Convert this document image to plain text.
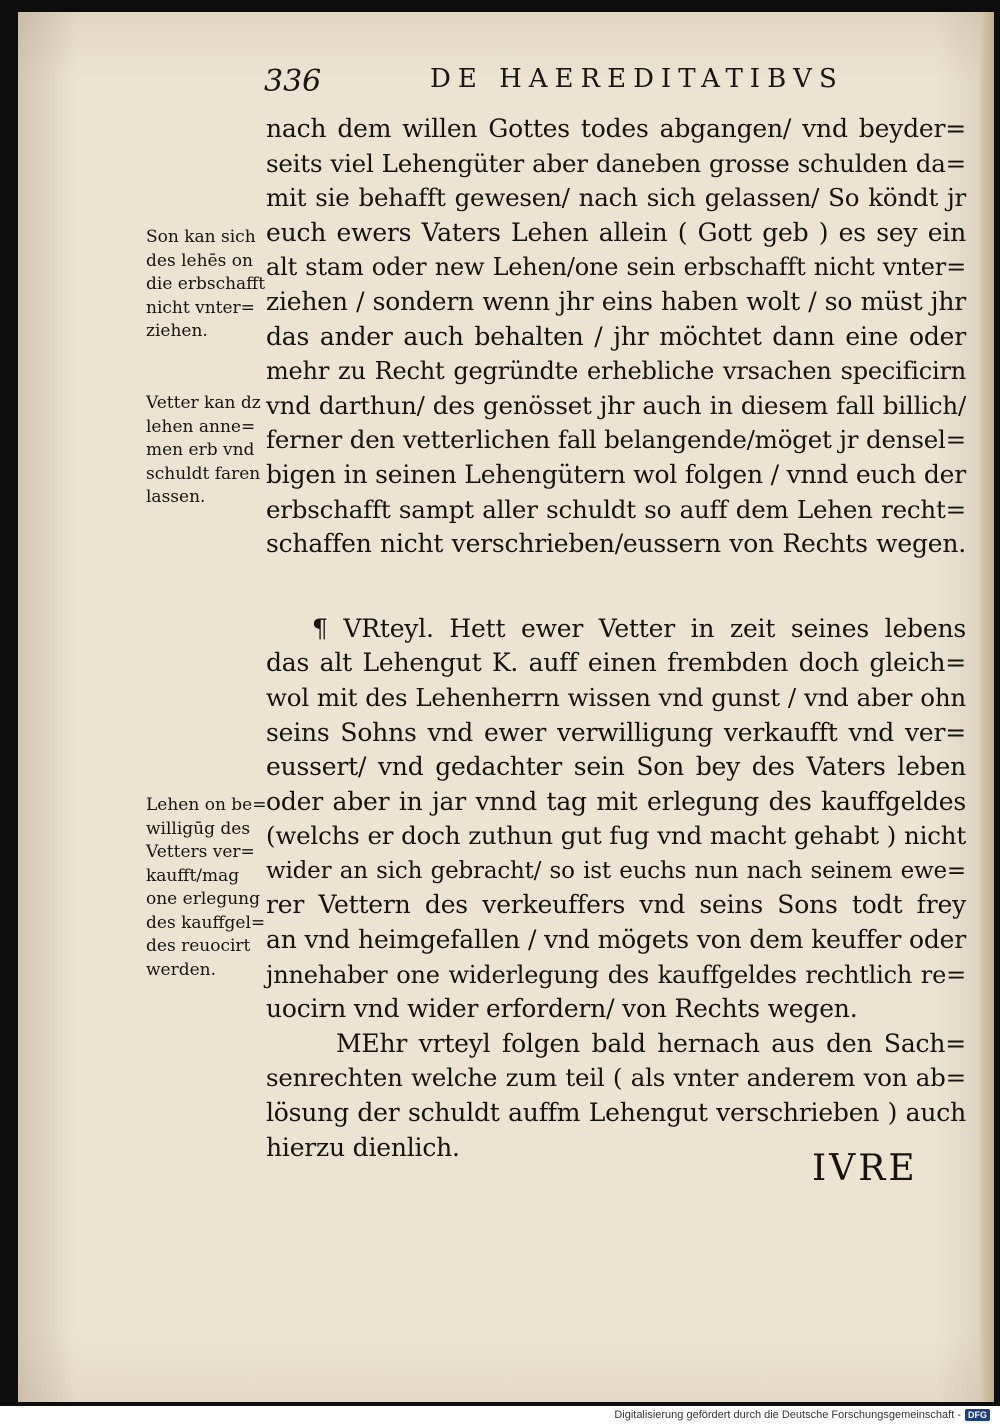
336	DE HAEREDITATIBVS
nach dem willen Gottes todes abgangen/ vnd beyder=
seits viel Lehengüter aber daneben grosse schulden da=
mit sie behafft gewesen/ nach sich gelassen/ So köndt jr
euch ewers Vaters Lehen allein ( Gott geb ) es sey ein
alt stam oder new Lehen/one sein erbschafft nicht vnter=
ziehen / sondern wenn jhr eins haben wolt / so müst jhr
das ander auch behalten / jhr möchtet dann eine oder
mehr zu Recht gegründte erhebliche vrsachen specificirn
vnd darthun/ des genösset jhr auch in diesem fall billich/
ferner den vetterlichen fall belangende/möget jr densel=
bigen in seinen Lehengütern wol folgen / vnnd euch der
erbschafft sampt aller schuldt so auff dem Lehen recht=
schaffen nicht verschrieben/eussern von Rechts wegen.
¶ VRteyl. Hett ewer Vetter in zeit seines lebens
das alt Lehengut K. auff einen frembden doch gleich=
wol mit des Lehenherrn wissen vnd gunst / vnd aber ohn
seins Sohns vnd ewer verwilligung verkaufft vnd ver=
eussert/ vnd gedachter sein Son bey des Vaters leben
oder aber in jar vnnd tag mit erlegung des kauffgeldes
(welchs er doch zuthun gut fug vnd macht gehabt ) nicht
wider an sich gebracht/ so ist euchs nun nach seinem ewe=
rer Vettern des verkeuffers vnd seins Sons todt frey
an vnd heimgefallen / vnd mögets von dem keuffer oder
jnnehaber one widerlegung des kauffgeldes rechtlich re=
uocirn vnd wider erfordern/ von Rechts wegen.
MEhr vrteyl folgen bald hernach aus den Sach=
senrechten welche zum teil ( als vnter anderem von ab=
lösung der schuldt auffm Lehengut verschrieben ) auch
hierzu dienlich.
Son kan sich
des lehēs on
die erbschafft
nicht vnter=
ziehen.
Vetter kan dz
lehen anne=
men erb vnd
schuldt faren
lassen.
Lehen on be=
willigūg des
Vetters ver=
kaufft/mag
one erlegung
des kauffgel=
des reuocirt
werden.
IVRE
Digitalisierung gefördert durch die Deutsche Forschungsgemeinschaft - DFG
